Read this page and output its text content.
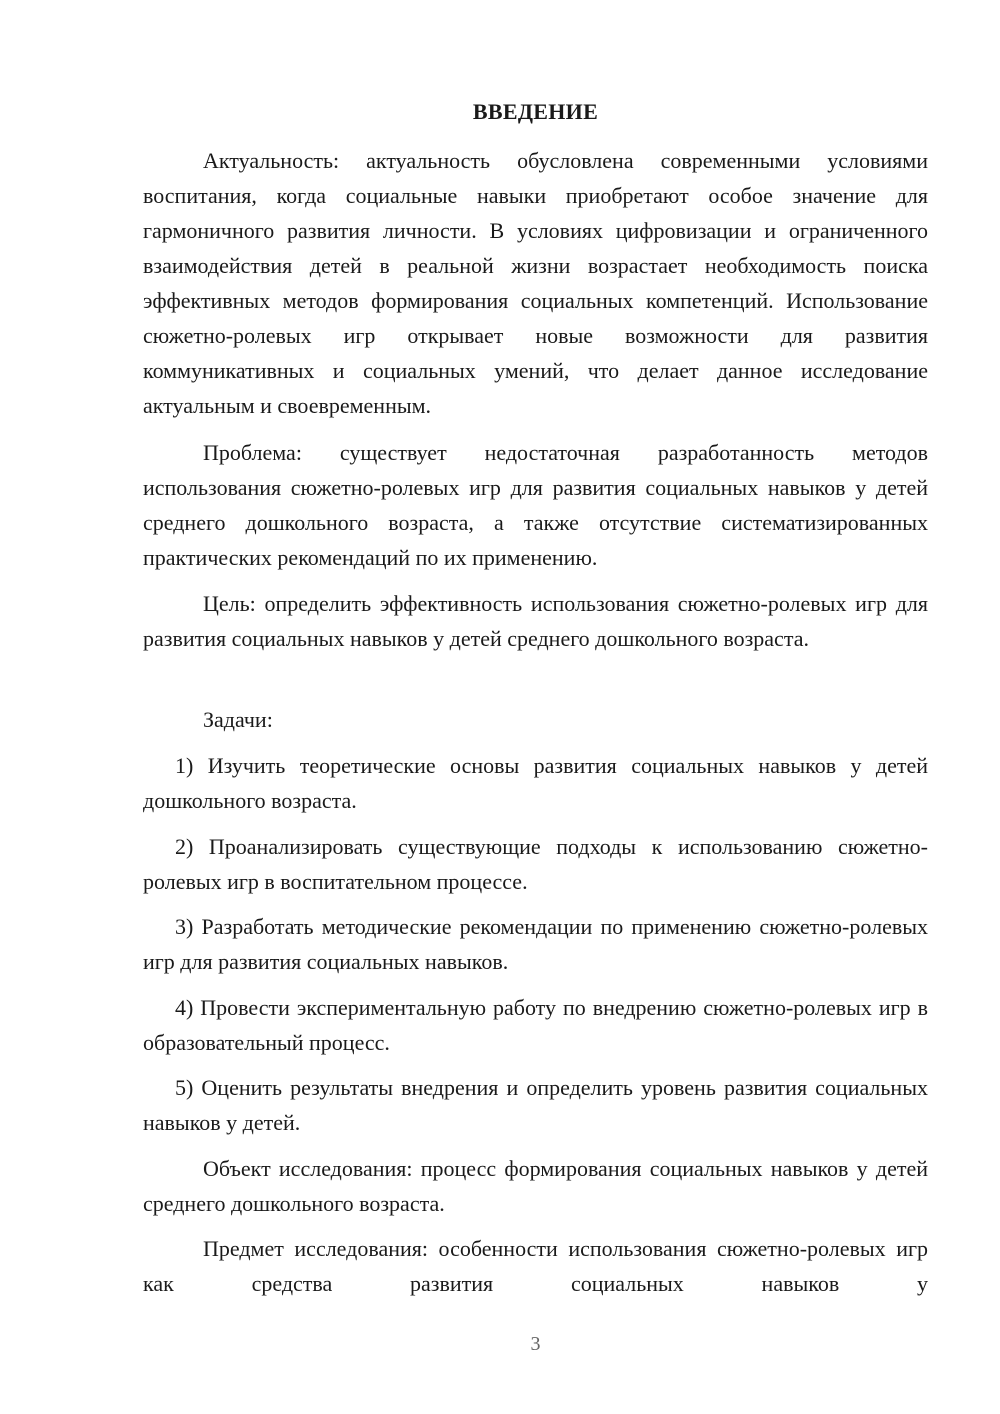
ВВЕДЕНИЕ

Актуальность: актуальность обусловлена современными условиями воспитания, когда социальные навыки приобретают особое значение для гармоничного развития личности. В условиях цифровизации и ограниченного взаимодействия детей в реальной жизни возрастает необходимость поиска эффективных методов формирования социальных компетенций. Использование сюжетно-ролевых игр открывает новые возможности для развития коммуникативных и социальных умений, что делает данное исследование актуальным и своевременным.

Проблема: существует недостаточная разработанность методов использования сюжетно-ролевых игр для развития социальных навыков у детей среднего дошкольного возраста, а также отсутствие систематизированных практических рекомендаций по их применению.

Цель: определить эффективность использования сюжетно-ролевых игр для развития социальных навыков у детей среднего дошкольного возраста.

Задачи:

1) Изучить теоретические основы развития социальных навыков у детей дошкольного возраста.

2) Проанализировать существующие подходы к использованию сюжетно-ролевых игр в воспитательном процессе.

3) Разработать методические рекомендации по применению сюжетно-ролевых игр для развития социальных навыков.

4) Провести экспериментальную работу по внедрению сюжетно-ролевых игр в образовательный процесс.

5) Оценить результаты внедрения и определить уровень развития социальных навыков у детей.

Объект исследования: процесс формирования социальных навыков у детей среднего дошкольного возраста.

Предмет исследования: особенности использования сюжетно-ролевых игр как средства развития социальных навыков у

3
